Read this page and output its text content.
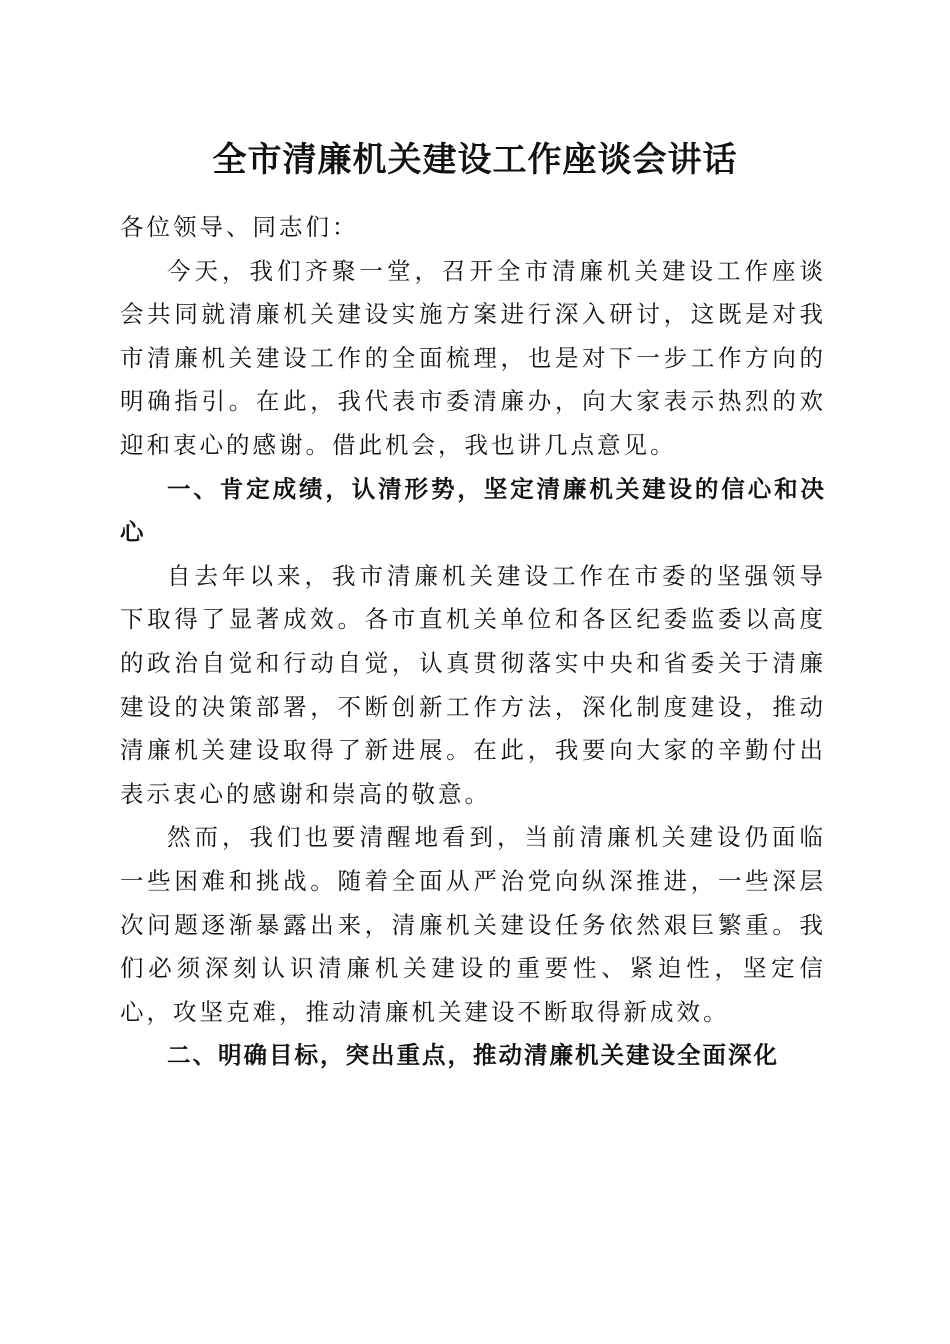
全市清廉机关建设工作座谈会讲话

各位领导、同志们：

今天，我们齐聚一堂，召开全市清廉机关建设工作座谈会共同就清廉机关建设实施方案进行深入研讨，这既是对我市清廉机关建设工作的全面梳理，也是对下一步工作方向的明确指引。在此，我代表市委清廉办，向大家表示热烈的欢迎和衷心的感谢。借此机会，我也讲几点意见。

一、肯定成绩，认清形势，坚定清廉机关建设的信心和决心

自去年以来，我市清廉机关建设工作在市委的坚强领导下取得了显著成效。各市直机关单位和各区纪委监委以高度的政治自觉和行动自觉，认真贯彻落实中央和省委关于清廉建设的决策部署，不断创新工作方法，深化制度建设，推动清廉机关建设取得了新进展。在此，我要向大家的辛勤付出表示衷心的感谢和崇高的敬意。

然而，我们也要清醒地看到，当前清廉机关建设仍面临一些困难和挑战。随着全面从严治党向纵深推进，一些深层次问题逐渐暴露出来，清廉机关建设任务依然艰巨繁重。我们必须深刻认识清廉机关建设的重要性、紧迫性，坚定信心，攻坚克难，推动清廉机关建设不断取得新成效。

二、明确目标，突出重点，推动清廉机关建设全面深化
